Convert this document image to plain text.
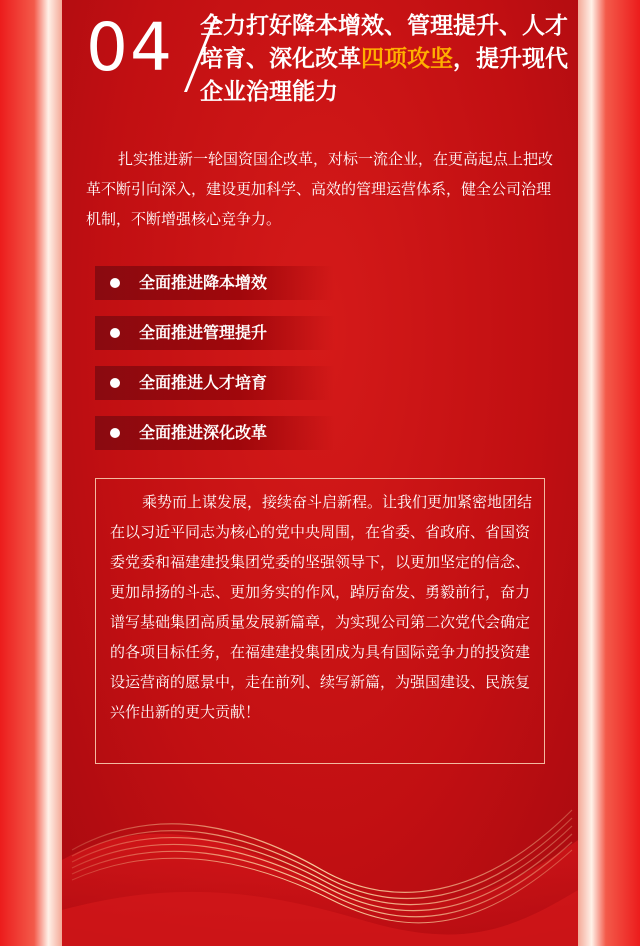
04 全力打好降本增效、管理提升、人才培育、深化改革四项攻坚，提升现代企业治理能力

扎实推进新一轮国资国企改革，对标一流企业，在更高起点上把改革不断引向深入，建设更加科学、高效的管理运营体系，健全公司治理机制，不断增强核心竞争力。

全面推进降本增效
全面推进管理提升
全面推进人才培育
全面推进深化改革

乘势而上谋发展，接续奋斗启新程。让我们更加紧密地团结在以习近平同志为核心的党中央周围，在省委、省政府、省国资委党委和福建建投集团党委的坚强领导下，以更加坚定的信念、更加昂扬的斗志、更加务实的作风，踔厉奋发、勇毅前行，奋力谱写基础集团高质量发展新篇章，为实现公司第二次党代会确定的各项目标任务，在福建建投集团成为具有国际竞争力的投资建设运营商的愿景中，走在前列、续写新篇，为强国建设、民族复兴作出新的更大贡献！
